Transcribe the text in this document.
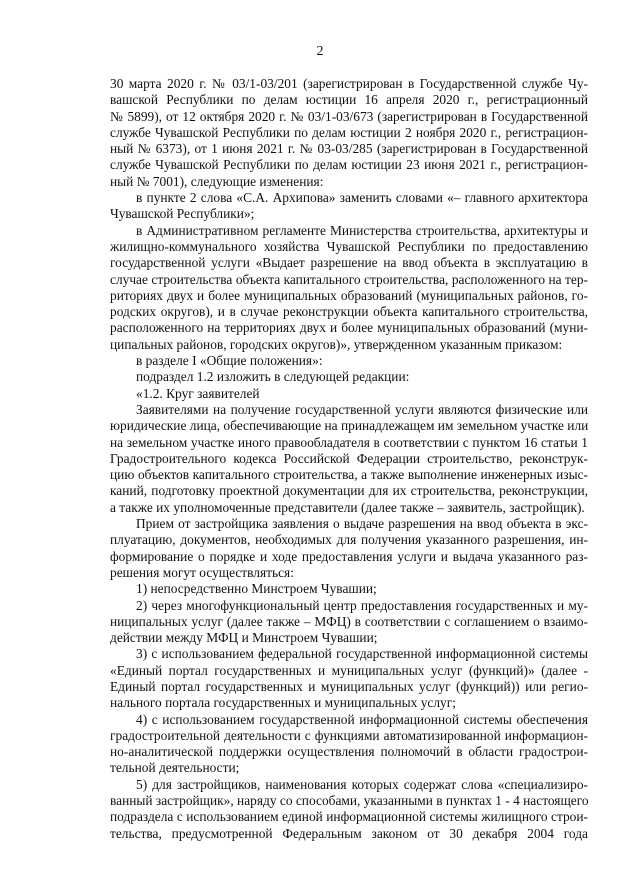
2
30 марта 2020 г. № 03/1-03/201 (зарегистрирован в Государственной службе Чу-
вашской Республики по делам юстиции 16 апреля 2020 г., регистрационный
№ 5899), от 12 октября 2020 г. № 03/1-03/673 (зарегистрирован в Государственной
службе Чувашской Республики по делам юстиции 2 ноября 2020 г., регистрацион-
ный № 6373), от 1 июня 2021 г. № 03-03/285 (зарегистрирован в Государственной
службе Чувашской Республики по делам юстиции 23 июня 2021 г., регистрацион-
ный № 7001), следующие изменения:
в пункте 2 слова «С.А. Архипова» заменить словами «– главного архитектора
Чувашской Республики»;
в Административном регламенте Министерства строительства, архитектуры и
жилищно-коммунального хозяйства Чувашской Республики по предоставлению
государственной услуги «Выдает разрешение на ввод объекта в эксплуатацию в
случае строительства объекта капитального строительства, расположенного на тер-
риториях двух и более муниципальных образований (муниципальных районов, го-
родских округов), и в случае реконструкции объекта капитального строительства,
расположенного на территориях двух и более муниципальных образований (муни-
ципальных районов, городских округов)», утвержденном указанным приказом:
в разделе I «Общие положения»:
подраздел 1.2 изложить в следующей редакции:
«1.2. Круг заявителей
Заявителями на получение государственной услуги являются физические или
юридические лица, обеспечивающие на принадлежащем им земельном участке или
на земельном участке иного правообладателя в соответствии с пунктом 16 статьи 1
Градостроительного кодекса Российской Федерации строительство, реконструк-
цию объектов капитального строительства, а также выполнение инженерных изыс-
каний, подготовку проектной документации для их строительства, реконструкции,
а также их уполномоченные представители (далее также – заявитель, застройщик).
Прием от застройщика заявления о выдаче разрешения на ввод объекта в экс-
плуатацию, документов, необходимых для получения указанного разрешения, ин-
формирование о порядке и ходе предоставления услуги и выдача указанного раз-
решения могут осуществляться:
1) непосредственно Минстроем Чувашии;
2) через многофункциональный центр предоставления государственных и му-
ниципальных услуг (далее также – МФЦ) в соответствии с соглашением о взаимо-
действии между МФЦ и Минстроем Чувашии;
3) с использованием федеральной государственной информационной системы
«Единый портал государственных и муниципальных услуг (функций)» (далее -
Единый портал государственных и муниципальных услуг (функций)) или регио-
нального портала государственных и муниципальных услуг;
4) с использованием государственной информационной системы обеспечения
градостроительной деятельности с функциями автоматизированной информацион-
но-аналитической поддержки осуществления полномочий в области градострои-
тельной деятельности;
5) для застройщиков, наименования которых содержат слова «специализиро-
ванный застройщик», наряду со способами, указанными в пунктах 1 - 4 настоящего
подраздела с использованием единой информационной системы жилищного строи-
тельства, предусмотренной Федеральным законом от 30 декабря 2004 года
